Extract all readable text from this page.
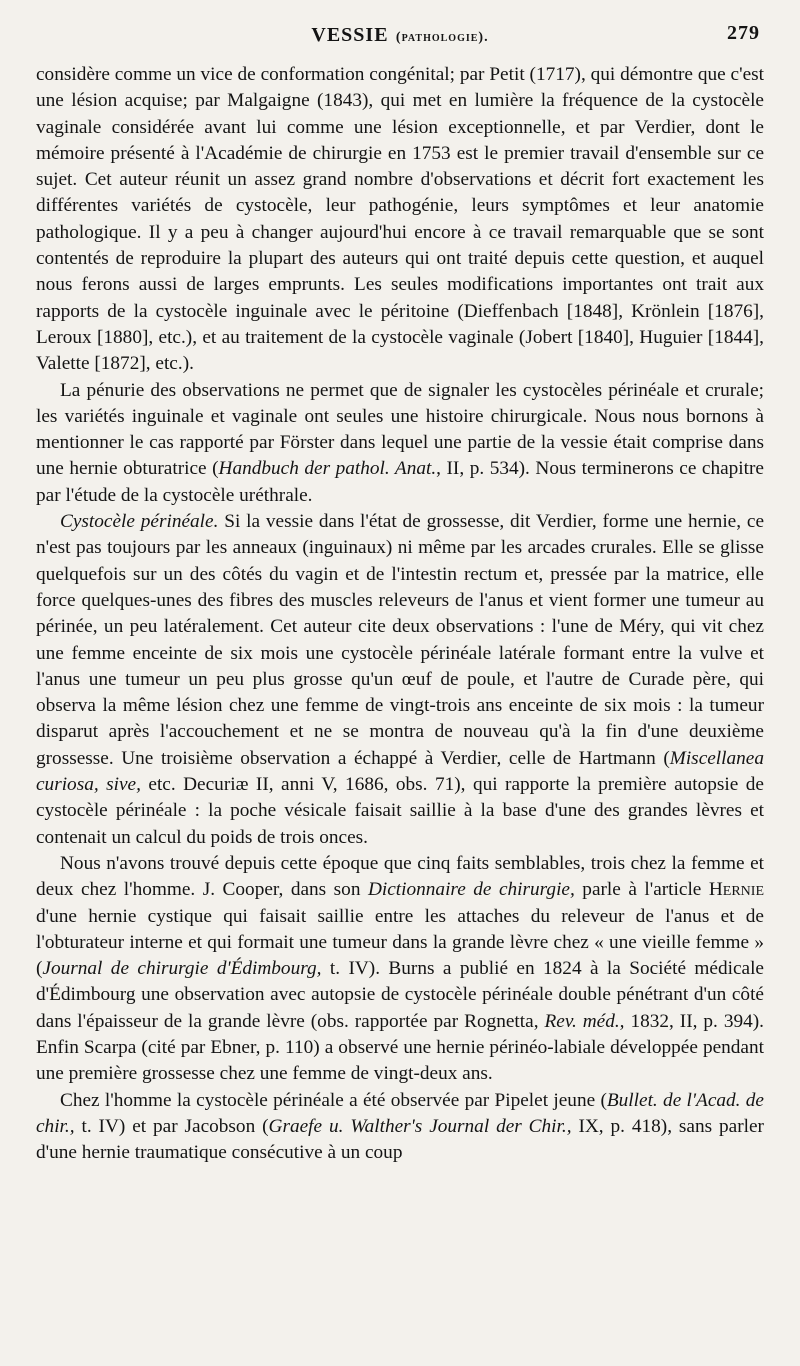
VESSIE
(pathologie).	279

considère comme un vice de conformation congénital; par Petit (1717), qui démontre que c'est une lésion acquise; par Malgaigne (1843), qui met en lumière la fréquence de la cystocèle vaginale considérée avant lui comme une lésion exceptionnelle, et par Verdier, dont le mémoire présenté à l'Académie de chirurgie en 1753 est le premier travail d'ensemble sur ce sujet. Cet auteur réunit un assez grand nombre d'observations et décrit fort exactement les différentes variétés de cystocèle, leur pathogénie, leurs symptômes et leur anatomie pathologique. Il y a peu à changer aujourd'hui encore à ce travail remarquable que se sont contentés de reproduire la plupart des auteurs qui ont traité depuis cette question, et auquel nous ferons aussi de larges emprunts. Les seules modifications importantes ont trait aux rapports de la cystocèle inguinale avec le péritoine (Dieffenbach [1848], Krönlein [1876], Leroux [1880], etc.), et au traitement de la cystocèle vaginale (Jobert [1840], Huguier [1844], Valette [1872], etc.).

La pénurie des observations ne permet que de signaler les cystocèles périnéale et crurale; les variétés inguinale et vaginale ont seules une histoire chirurgicale. Nous nous bornons à mentionner le cas rapporté par Förster dans lequel une partie de la vessie était comprise dans une hernie obturatrice (Handbuch der pathol. Anat., II, p. 534). Nous terminerons ce chapitre par l'étude de la cystocèle uréthrale.

Cystocèle périnéale. Si la vessie dans l'état de grossesse, dit Verdier, forme une hernie, ce n'est pas toujours par les anneaux (inguinaux) ni même par les arcades crurales. Elle se glisse quelquefois sur un des côtés du vagin et de l'intestin rectum et, pressée par la matrice, elle force quelques-unes des fibres des muscles releveurs de l'anus et vient former une tumeur au périnée, un peu latéralement. Cet auteur cite deux observations : l'une de Méry, qui vit chez une femme enceinte de six mois une cystocèle périnéale latérale formant entre la vulve et l'anus une tumeur un peu plus grosse qu'un œuf de poule, et l'autre de Curade père, qui observa la même lésion chez une femme de vingt-trois ans enceinte de six mois : la tumeur disparut après l'accouchement et ne se montra de nouveau qu'à la fin d'une deuxième grossesse. Une troisième observation a échappé à Verdier, celle de Hartmann (Miscellanea curiosa, sive, etc. Decuriæ II, anni V, 1686, obs. 71), qui rapporte la première autopsie de cystocèle périnéale : la poche vésicale faisait saillie à la base d'une des grandes lèvres et contenait un calcul du poids de trois onces.

Nous n'avons trouvé depuis cette époque que cinq faits semblables, trois chez la femme et deux chez l'homme. J. Cooper, dans son Dictionnaire de chirurgie, parle à l'article Hernie d'une hernie cystique qui faisait saillie entre les attaches du releveur de l'anus et de l'obturateur interne et qui formait une tumeur dans la grande lèvre chez « une vieille femme » (Journal de chirurgie d'Édimbourg, t. IV). Burns a publié en 1824 à la Société médicale d'Édimbourg une observation avec autopsie de cystocèle périnéale double pénétrant d'un côté dans l'épaisseur de la grande lèvre (obs. rapportée par Rognetta, Rev. méd., 1832, II, p. 394). Enfin Scarpa (cité par Ebner, p. 110) a observé une hernie périnéo-labiale développée pendant une première grossesse chez une femme de vingt-deux ans.

Chez l'homme la cystocèle périnéale a été observée par Pipelet jeune (Bullet. de l'Acad. de chir., t. IV) et par Jacobson (Graefe u. Walther's Journal der Chir., IX, p. 418), sans parler d'une hernie traumatique consécutive à un coup
